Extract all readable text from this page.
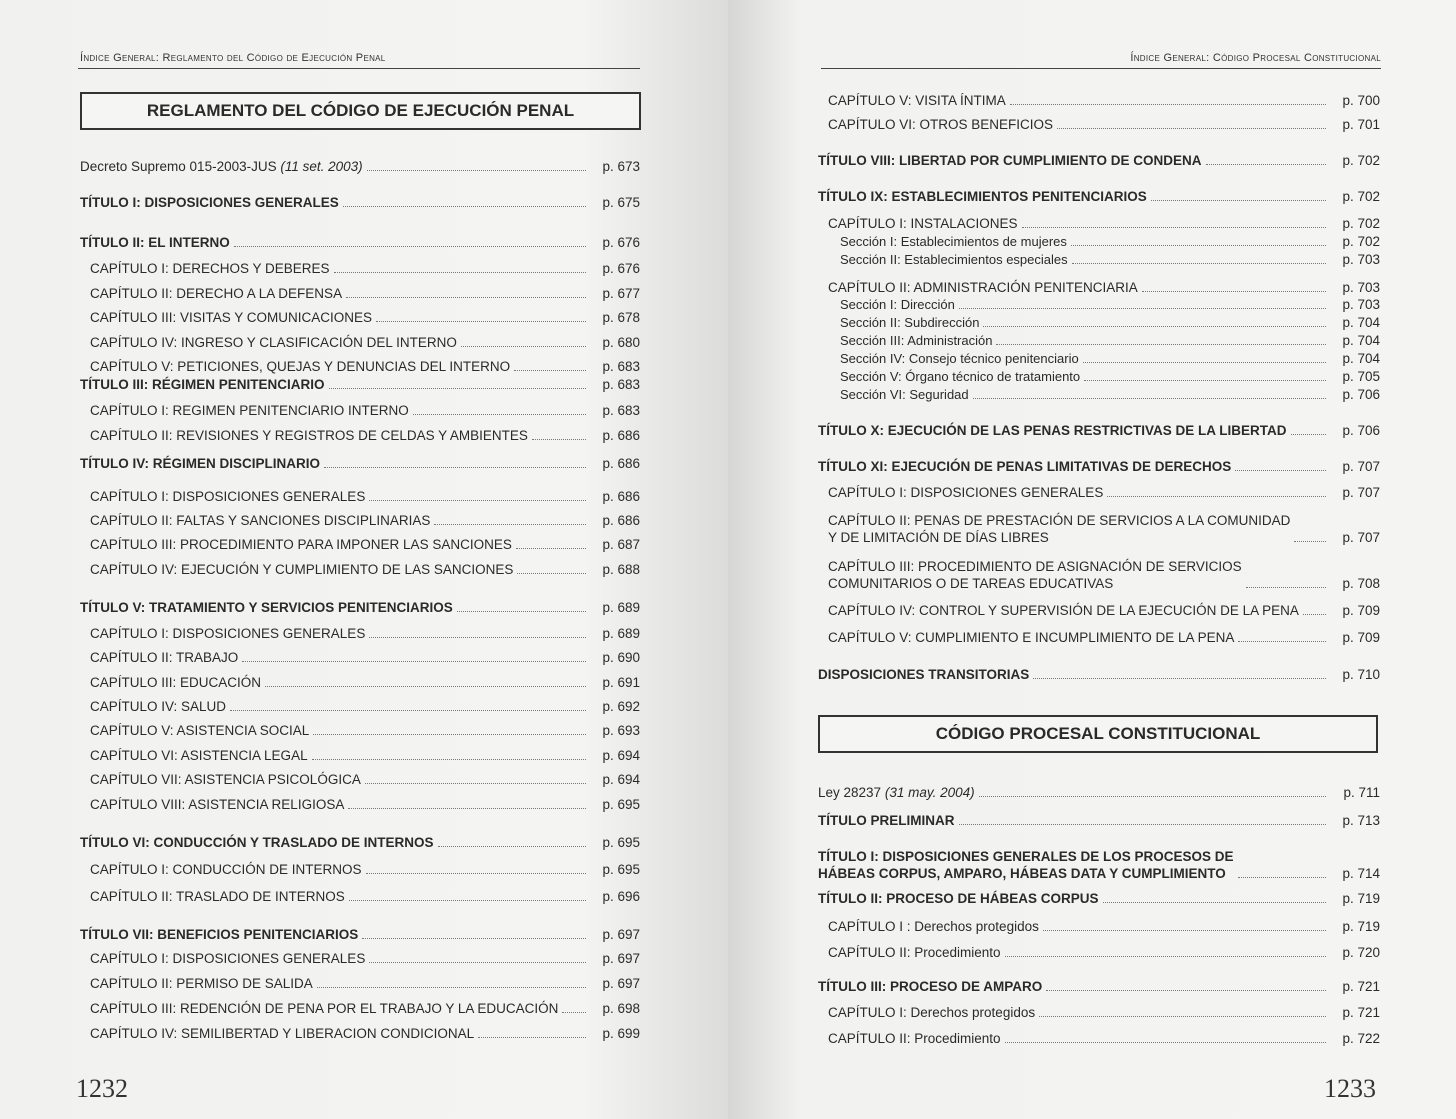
Índice General: Reglamento del Código de Ejecución Penal
REGLAMENTO DEL CÓDIGO DE EJECUCIÓN PENAL
Decreto Supremo 015-2003-JUS (11 set. 2003)	p. 673
TÍTULO I: DISPOSICIONES GENERALES	p. 675
TÍTULO II: EL INTERNO	p. 676
CAPÍTULO I: DERECHOS Y DEBERES	p. 676
CAPÍTULO II: DERECHO A LA DEFENSA	p. 677
CAPÍTULO III: VISITAS Y COMUNICACIONES	p. 678
CAPÍTULO IV: INGRESO Y CLASIFICACIÓN DEL INTERNO	p. 680
CAPÍTULO V: PETICIONES, QUEJAS Y DENUNCIAS DEL INTERNO	p. 683
TÍTULO III: RÉGIMEN PENITENCIARIO	p. 683
CAPÍTULO I: REGIMEN PENITENCIARIO INTERNO	p. 683
CAPÍTULO II: REVISIONES Y REGISTROS DE CELDAS Y AMBIENTES	p. 686
TÍTULO IV: RÉGIMEN DISCIPLINARIO	p. 686
CAPÍTULO I: DISPOSICIONES GENERALES	p. 686
CAPÍTULO II: FALTAS Y SANCIONES DISCIPLINARIAS	p. 686
CAPÍTULO III: PROCEDIMIENTO PARA IMPONER LAS SANCIONES	p. 687
CAPÍTULO IV: EJECUCIÓN Y CUMPLIMIENTO DE LAS SANCIONES	p. 688
TÍTULO V: TRATAMIENTO Y SERVICIOS PENITENCIARIOS	p. 689
CAPÍTULO I: DISPOSICIONES GENERALES	p. 689
CAPÍTULO II: TRABAJO	p. 690
CAPÍTULO III: EDUCACIÓN	p. 691
CAPÍTULO IV: SALUD	p. 692
CAPÍTULO V: ASISTENCIA SOCIAL	p. 693
CAPÍTULO VI: ASISTENCIA LEGAL	p. 694
CAPÍTULO VII: ASISTENCIA PSICOLÓGICA	p. 694
CAPÍTULO VIII: ASISTENCIA RELIGIOSA	p. 695
TÍTULO VI: CONDUCCIÓN Y TRASLADO DE INTERNOS	p. 695
CAPÍTULO I: CONDUCCIÓN DE INTERNOS	p. 695
CAPÍTULO II: TRASLADO DE INTERNOS	p. 696
TÍTULO VII: BENEFICIOS PENITENCIARIOS	p. 697
CAPÍTULO I: DISPOSICIONES GENERALES	p. 697
CAPÍTULO II: PERMISO DE SALIDA	p. 697
CAPÍTULO III: REDENCIÓN DE PENA POR EL TRABAJO Y LA EDUCACIÓN	p. 698
CAPÍTULO IV: SEMILIBERTAD Y LIBERACION CONDICIONAL	p. 699
1232
Índice General: Código Procesal Constitucional
CAPÍTULO V: VISITA ÍNTIMA	p. 700
CAPÍTULO VI: OTROS BENEFICIOS	p. 701
TÍTULO VIII: LIBERTAD POR CUMPLIMIENTO DE CONDENA	p. 702
TÍTULO IX: ESTABLECIMIENTOS PENITENCIARIOS	p. 702
CAPÍTULO I: INSTALACIONES	p. 702
Sección I: Establecimientos de mujeres	p. 702
Sección II: Establecimientos especiales	p. 703
CAPÍTULO II: ADMINISTRACIÓN PENITENCIARIA	p. 703
Sección I: Dirección	p. 703
Sección II: Subdirección	p. 704
Sección III: Administración	p. 704
Sección IV: Consejo técnico penitenciario	p. 704
Sección V: Órgano técnico de tratamiento	p. 705
Sección VI: Seguridad	p. 706
TÍTULO X: EJECUCIÓN DE LAS PENAS RESTRICTIVAS DE LA LIBERTAD	p. 706
TÍTULO XI: EJECUCIÓN DE PENAS LIMITATIVAS DE DERECHOS	p. 707
CAPÍTULO I: DISPOSICIONES GENERALES	p. 707
CAPÍTULO II: PENAS DE PRESTACIÓN DE SERVICIOS A LA COMUNIDAD
Y DE LIMITACIÓN DE DÍAS LIBRES	p. 707
CAPÍTULO III: PROCEDIMIENTO DE ASIGNACIÓN DE SERVICIOS
COMUNITARIOS O DE TAREAS EDUCATIVAS	p. 708
CAPÍTULO IV: CONTROL Y SUPERVISIÓN DE LA EJECUCIÓN DE LA PENA	p. 709
CAPÍTULO V: CUMPLIMIENTO E INCUMPLIMIENTO DE LA PENA	p. 709
DISPOSICIONES TRANSITORIAS	p. 710
CÓDIGO PROCESAL CONSTITUCIONAL
Ley 28237 (31 may. 2004)	p. 711
TÍTULO PRELIMINAR	p. 713
TÍTULO I: DISPOSICIONES GENERALES DE LOS PROCESOS DE
HÁBEAS CORPUS, AMPARO, HÁBEAS DATA Y CUMPLIMIENTO	p. 714
TÍTULO II: PROCESO DE HÁBEAS CORPUS	p. 719
CAPÍTULO I : Derechos protegidos	p. 719
CAPÍTULO II: Procedimiento	p. 720
TÍTULO III: PROCESO DE AMPARO	p. 721
CAPÍTULO I: Derechos protegidos	p. 721
CAPÍTULO II: Procedimiento	p. 722
1233
